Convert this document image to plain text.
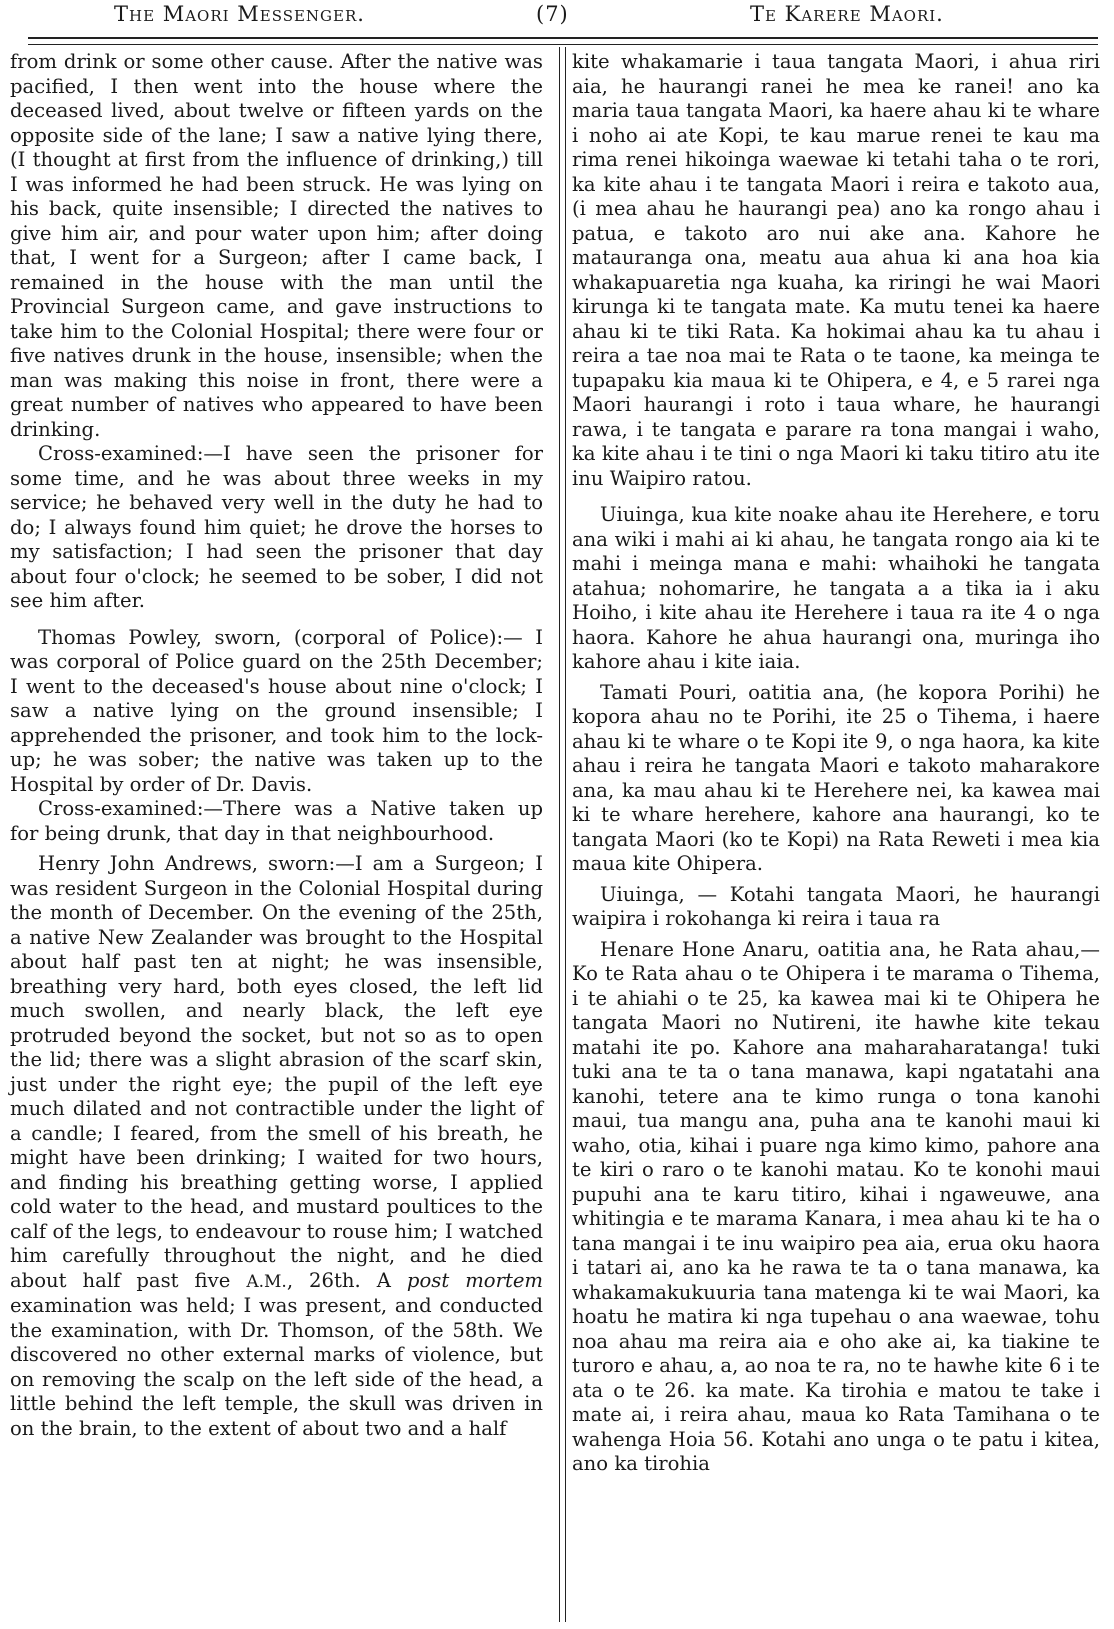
The Maori Messenger.	(7)	Te Karere Maori.

from drink or some other cause. After the native was pacified, I then went into the house where the deceased lived, about twelve or fifteen yards on the opposite side of the lane; I saw a native lying there, (I thought at first from the influence of drinking,) till I was informed he had been struck. He was lying on his back, quite insensible; I directed the natives to give him air, and pour water upon him; after doing that, I went for a Surgeon; after I came back, I remained in the house with the man until the Provincial Surgeon came, and gave instructions to take him to the Colonial Hospital; there were four or five natives drunk in the house, insensible; when the man was making this noise in front, there were a great number of natives who appeared to have been drinking.

Cross-examined:—I have seen the prisoner for some time, and he was about three weeks in my service; he behaved very well in the duty he had to do; I always found him quiet; he drove the horses to my satisfaction; I had seen the prisoner that day about four o'clock; he seemed to be sober, I did not see him after.

Thomas Powley, sworn, (corporal of Police):— I was corporal of Police guard on the 25th December; I went to the deceased's house about nine o'clock; I saw a native lying on the ground insensible; I apprehended the prisoner, and took him to the lock-up; he was sober; the native was taken up to the Hospital by order of Dr. Davis.

Cross-examined:—There was a Native taken up for being drunk, that day in that neighbourhood.

Henry John Andrews, sworn:—I am a Surgeon; I was resident Surgeon in the Colonial Hospital during the month of December. On the evening of the 25th, a native New Zealander was brought to the Hospital about half past ten at night; he was insensible, breathing very hard, both eyes closed, the left lid much swollen, and nearly black, the left eye protruded beyond the socket, but not so as to open the lid; there was a slight abrasion of the scarf skin, just under the right eye; the pupil of the left eye much dilated and not contractible under the light of a candle; I feared, from the smell of his breath, he might have been drinking; I waited for two hours, and finding his breathing getting worse, I applied cold water to the head, and mustard poultices to the calf of the legs, to endeavour to rouse him; I watched him carefully throughout the night, and he died about half past five A.M., 26th. A post mortem examination was held; I was present, and conducted the examination, with Dr. Thomson, of the 58th. We discovered no other external marks of violence, but on removing the scalp on the left side of the head, a little behind the left temple, the skull was driven in on the brain, to the extent of about two and a half

kite whakamarie i taua tangata Maori, i ahua riri aia, he haurangi ranei he mea ke ranei! ano ka maria taua tangata Maori, ka haere ahau ki te whare i noho ai ate Kopi, te kau marue renei te kau ma rima renei hikoinga waewae ki tetahi taha o te rori, ka kite ahau i te tangata Maori i reira e takoto aua, (i mea ahau he haurangi pea) ano ka rongo ahau i patua, e takoto aro nui ake ana. Kahore he matauranga ona, meatu aua ahua ki ana hoa kia whakapuaretia nga kuaha, ka riringi he wai Maori kirunga ki te tangata mate. Ka mutu tenei ka haere ahau ki te tiki Rata. Ka hokimai ahau ka tu ahau i reira a tae noa mai te Rata o te taone, ka meinga te tupapaku kia maua ki te Ohipera, e 4, e 5 rarei nga Maori haurangi i roto i taua whare, he haurangi rawa, i te tangata e parare ra tona mangai i waho, ka kite ahau i te tini o nga Maori ki taku titiro atu ite inu Waipiro ratou.

Uiuinga, kua kite noake ahau ite Herehere, e toru ana wiki i mahi ai ki ahau, he tangata rongo aia ki te mahi i meinga mana e mahi: whaihoki he tangata atahua; nohomarire, he tangata a a tika ia i aku Hoiho, i kite ahau ite Herehere i taua ra ite 4 o nga haora. Kahore he ahua haurangi ona, muringa iho kahore ahau i kite iaia.

Tamati Pouri, oatitia ana, (he kopora Porihi) he kopora ahau no te Porihi, ite 25 o Tihema, i haere ahau ki te whare o te Kopi ite 9, o nga haora, ka kite ahau i reira he tangata Maori e takoto maharakore ana, ka mau ahau ki te Herehere nei, ka kawea mai ki te whare herehere, kahore ana haurangi, ko te tangata Maori (ko te Kopi) na Rata Reweti i mea kia maua kite Ohipera.

Uiuinga, — Kotahi tangata Maori, he haurangi waipira i rokohanga ki reira i taua ra

Henare Hone Anaru, oatitia ana, he Rata ahau,—Ko te Rata ahau o te Ohipera i te marama o Tihema, i te ahiahi o te 25, ka kawea mai ki te Ohipera he tangata Maori no Nutireni, ite hawhe kite tekau matahi ite po. Kahore ana maharaharatanga! tuki tuki ana te ta o tana manawa, kapi ngatatahi ana kanohi, tetere ana te kimo runga o tona kanohi maui, tua mangu ana, puha ana te kanohi maui ki waho, otia, kihai i puare nga kimo kimo, pahore ana te kiri o raro o te kanohi matau. Ko te konohi maui pupuhi ana te karu titiro, kihai i ngaweuwe, ana whitingia e te marama Kanara, i mea ahau ki te ha o tana mangai i te inu waipiro pea aia, erua oku haora i tatari ai, ano ka he rawa te ta o tana manawa, ka whakamakukuuria tana matenga ki te wai Maori, ka hoatu he matira ki nga tupehau o ana waewae, tohu noa ahau ma reira aia e oho ake ai, ka tiakine te turoro e ahau, a, ao noa te ra, no te hawhe kite 6 i te ata o te 26. ka mate. Ka tirohia e matou te take i mate ai, i reira ahau, maua ko Rata Tamihana o te wahenga Hoia 56. Kotahi ano unga o te patu i kitea, ano ka tirohia
